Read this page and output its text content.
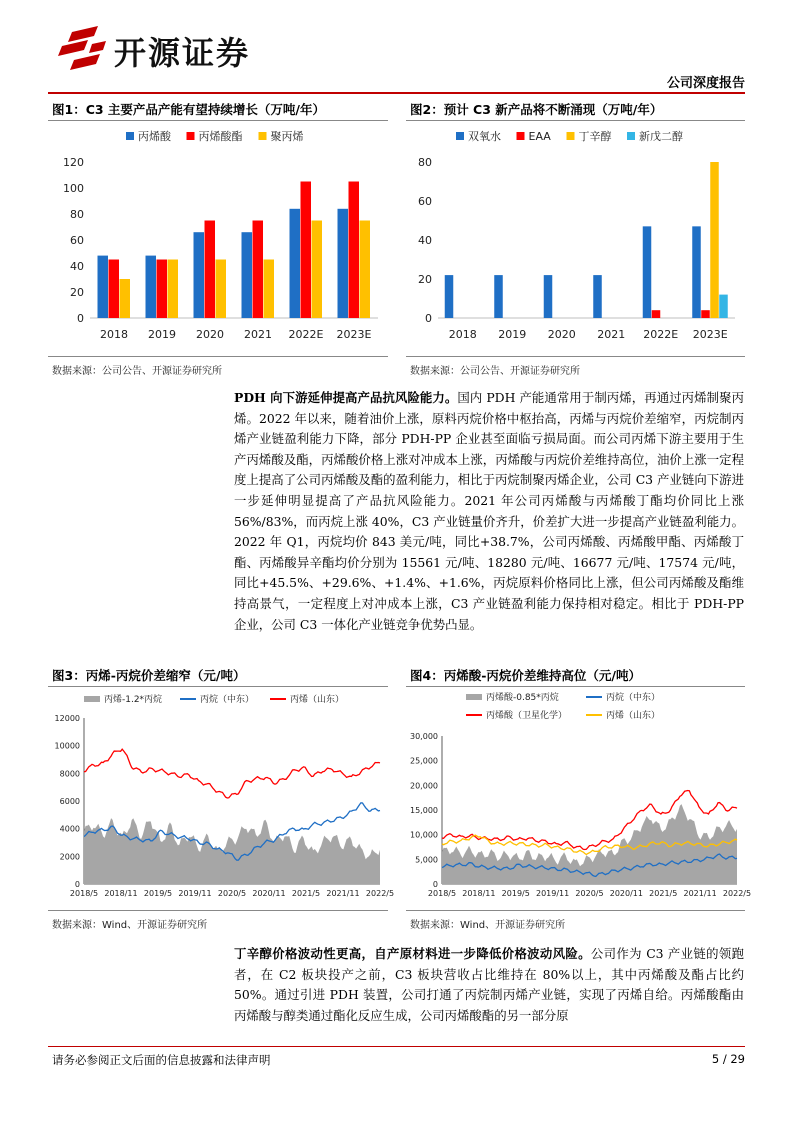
开源证券
公司深度报告
图1：C3 主要产品产能有望持续增长（万吨/年）
丙烯酸	丙烯酸酯	聚丙烯
0
20
40
60
80
100
120
2018 2019 2020 2021 2022E 2023E
数据来源：公司公告、开源证券研究所
图2：预计 C3 新产品将不断涌现（万吨/年）
双氧水	EAA	丁辛醇	新戊二醇
0
20
40
60
80
2018 2019 2020 2021 2022E 2023E
数据来源：公司公告、开源证券研究所
PDH 向下游延伸提高产品抗风险能力。国内 PDH 产能通常用于制丙烯，再通过丙烯制聚丙烯。2022 年以来，随着油价上涨，原料丙烷价格中枢抬高，丙烯与丙烷价差缩窄，丙烷制丙烯产业链盈利能力下降，部分 PDH-PP 企业甚至面临亏损局面。而公司丙烯下游主要用于生产丙烯酸及酯，丙烯酸价格上涨对冲成本上涨，丙烯酸与丙烷价差维持高位，油价上涨一定程度上提高了公司丙烯酸及酯的盈利能力，相比于丙烷制聚丙烯企业，公司 C3 产业链向下游进一步延伸明显提高了产品抗风险能力。2021 年公司丙烯酸与丙烯酸丁酯均价同比上涨 56%/83%，而丙烷上涨 40%，C3 产业链量价齐升，价差扩大进一步提高产业链盈利能力。2022 年 Q1，丙烷均价 843 美元/吨，同比+38.7%，公司丙烯酸、丙烯酸甲酯、丙烯酸丁酯、丙烯酸异辛酯均价分别为 15561 元/吨、18280 元/吨、16677 元/吨、17574 元/吨，同比+45.5%、+29.6%、+1.4%、+1.6%，丙烷原料价格同比上涨，但公司丙烯酸及酯维持高景气，一定程度上对冲成本上涨，C3 产业链盈利能力保持相对稳定。相比于 PDH-PP 企业，公司 C3 一体化产业链竞争优势凸显。
图3：丙烯-丙烷价差缩窄（元/吨）
丙烯-1.2*丙烷	丙烷（中东）	丙烯（山东）
0
2000
4000
6000
8000
10000
12000
2018/5 2018/11 2019/5 2019/11 2020/5 2020/11 2021/5 2021/11 2022/5
数据来源：Wind、开源证券研究所
图4：丙烯酸-丙烷价差维持高位（元/吨）
丙烯酸-0.85*丙烷	丙烷（中东）
丙烯酸（卫星化学）	丙烯（山东）
0
5,000
10,000
15,000
20,000
25,000
30,000
2018/5 2018/11 2019/5 2019/11 2020/5 2020/11 2021/5 2021/11 2022/5
数据来源：Wind、开源证券研究所
丁辛醇价格波动性更高，自产原材料进一步降低价格波动风险。公司作为 C3 产业链的领跑者，在 C2 板块投产之前，C3 板块营收占比维持在 80%以上，其中丙烯酸及酯占比约 50%。通过引进 PDH 装置，公司打通了丙烷制丙烯产业链，实现了丙烯自给。丙烯酸酯由丙烯酸与醇类通过酯化反应生成，公司丙烯酸酯的另一部分原
请务必参阅正文后面的信息披露和法律声明	5 / 29
